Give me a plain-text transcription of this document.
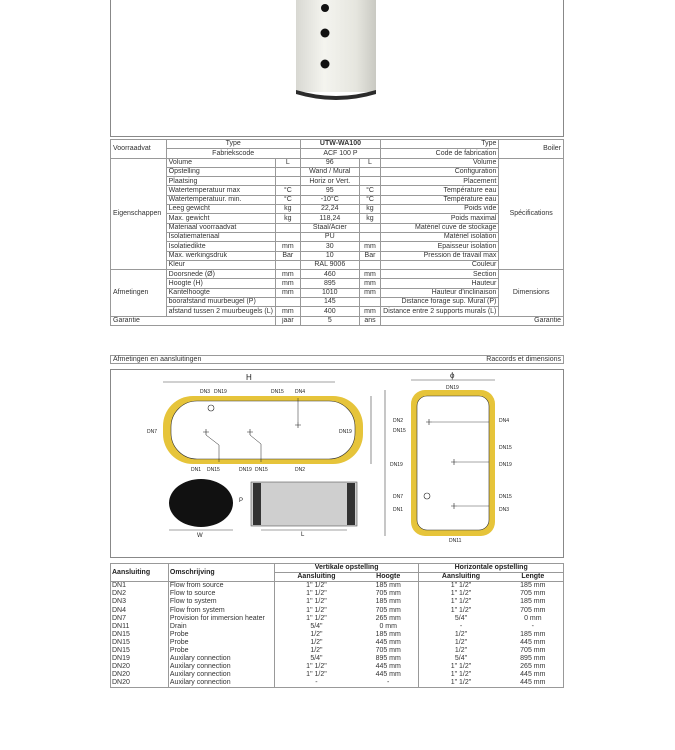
Voorraadvat	Type		UTW-WA100		Type	Boiler
	Fabriekscode		ACF 100 P		Code de fabrication	
Eigenschappen	Volume	L	96	L	Volume	Spécifications
	Opstelling		Wand / Mural		Configuration	
	Plaatsing		Horiz or Vert.		Placement	
	Watertemperatuur max	°C	95	°C	Température eau	
	Watertemperatuur. min.	°C	-10°C	°C	Température eau	
	Leeg gewicht	kg	22,24	kg	Poids vide	
	Max. gewicht	kg	118,24	kg	Poids maximal	
	Materiaal voorraadvat		Staal/Acier		Matériel cuve de stockage	
	Isolatiemateriaal		PU		Matériel isolation	
	Isolatiedikte	mm	30	mm	Epaisseur isolation	
	Max. werkingsdruk	Bar	10	Bar	Pression de travail max	
	Kleur		RAL 9006		Couleur	
Afmetingen	Doorsnede (Ø)	mm	460	mm	Section	Dimensions
	Hoogte (H)	mm	895	mm	Hauteur	
	Kantelhoogte	mm	1010	mm	Hauteur d'inclinaison	
	boorafstand muurbeugel (P)		145		Distance forage sup. Mural (P)	
	afstand tussen 2 muurbeugels (L)	mm	400	mm	Distance entre 2 supports murals (L)	
Garantie		jaar	5	ans	Garantie	
Afmetingen en aansluitingen	Raccords et dimensions
H
DN3 DN19	DN15 DN4
DN1 DN15	DN19 DN15	DN2
DN7	DN19
ϕ
DN19
DN2
DN15
DN19
DN7
DN1
DN4
DN15
DN19
DN15
DN3
DN11
W	L
P
Aansluiting	Omschrijving	Vertikale opstelling		Horizontale opstelling	
		Aansluiting	Hoogte	Aansluiting	Lengte
DN1	Flow from source	1" 1/2"	185 mm	1" 1/2"	185 mm
DN2	Flow to source	1" 1/2"	705 mm	1" 1/2"	705 mm
DN3	Flow to system	1" 1/2"	185 mm	1" 1/2"	185 mm
DN4	Flow from system	1" 1/2"	705 mm	1" 1/2"	705 mm
DN7	Provision for immersion heater	1" 1/2"	265 mm	5/4"	0 mm
DN11	Drain	5/4"	0 mm	-	-
DN15	Probe	1/2"	185 mm	1/2"	185 mm
DN15	Probe	1/2"	445 mm	1/2"	445 mm
DN15	Probe	1/2"	705 mm	1/2"	705 mm
DN19	Auxilary connection	5/4"	895 mm	5/4"	895 mm
DN20	Auxilary connection	1" 1/2"	445 mm	1" 1/2"	265 mm
DN20	Auxilary connection	1" 1/2"	445 mm	1" 1/2"	445 mm
DN20	Auxilary connection	-	-	1" 1/2"	445 mm
